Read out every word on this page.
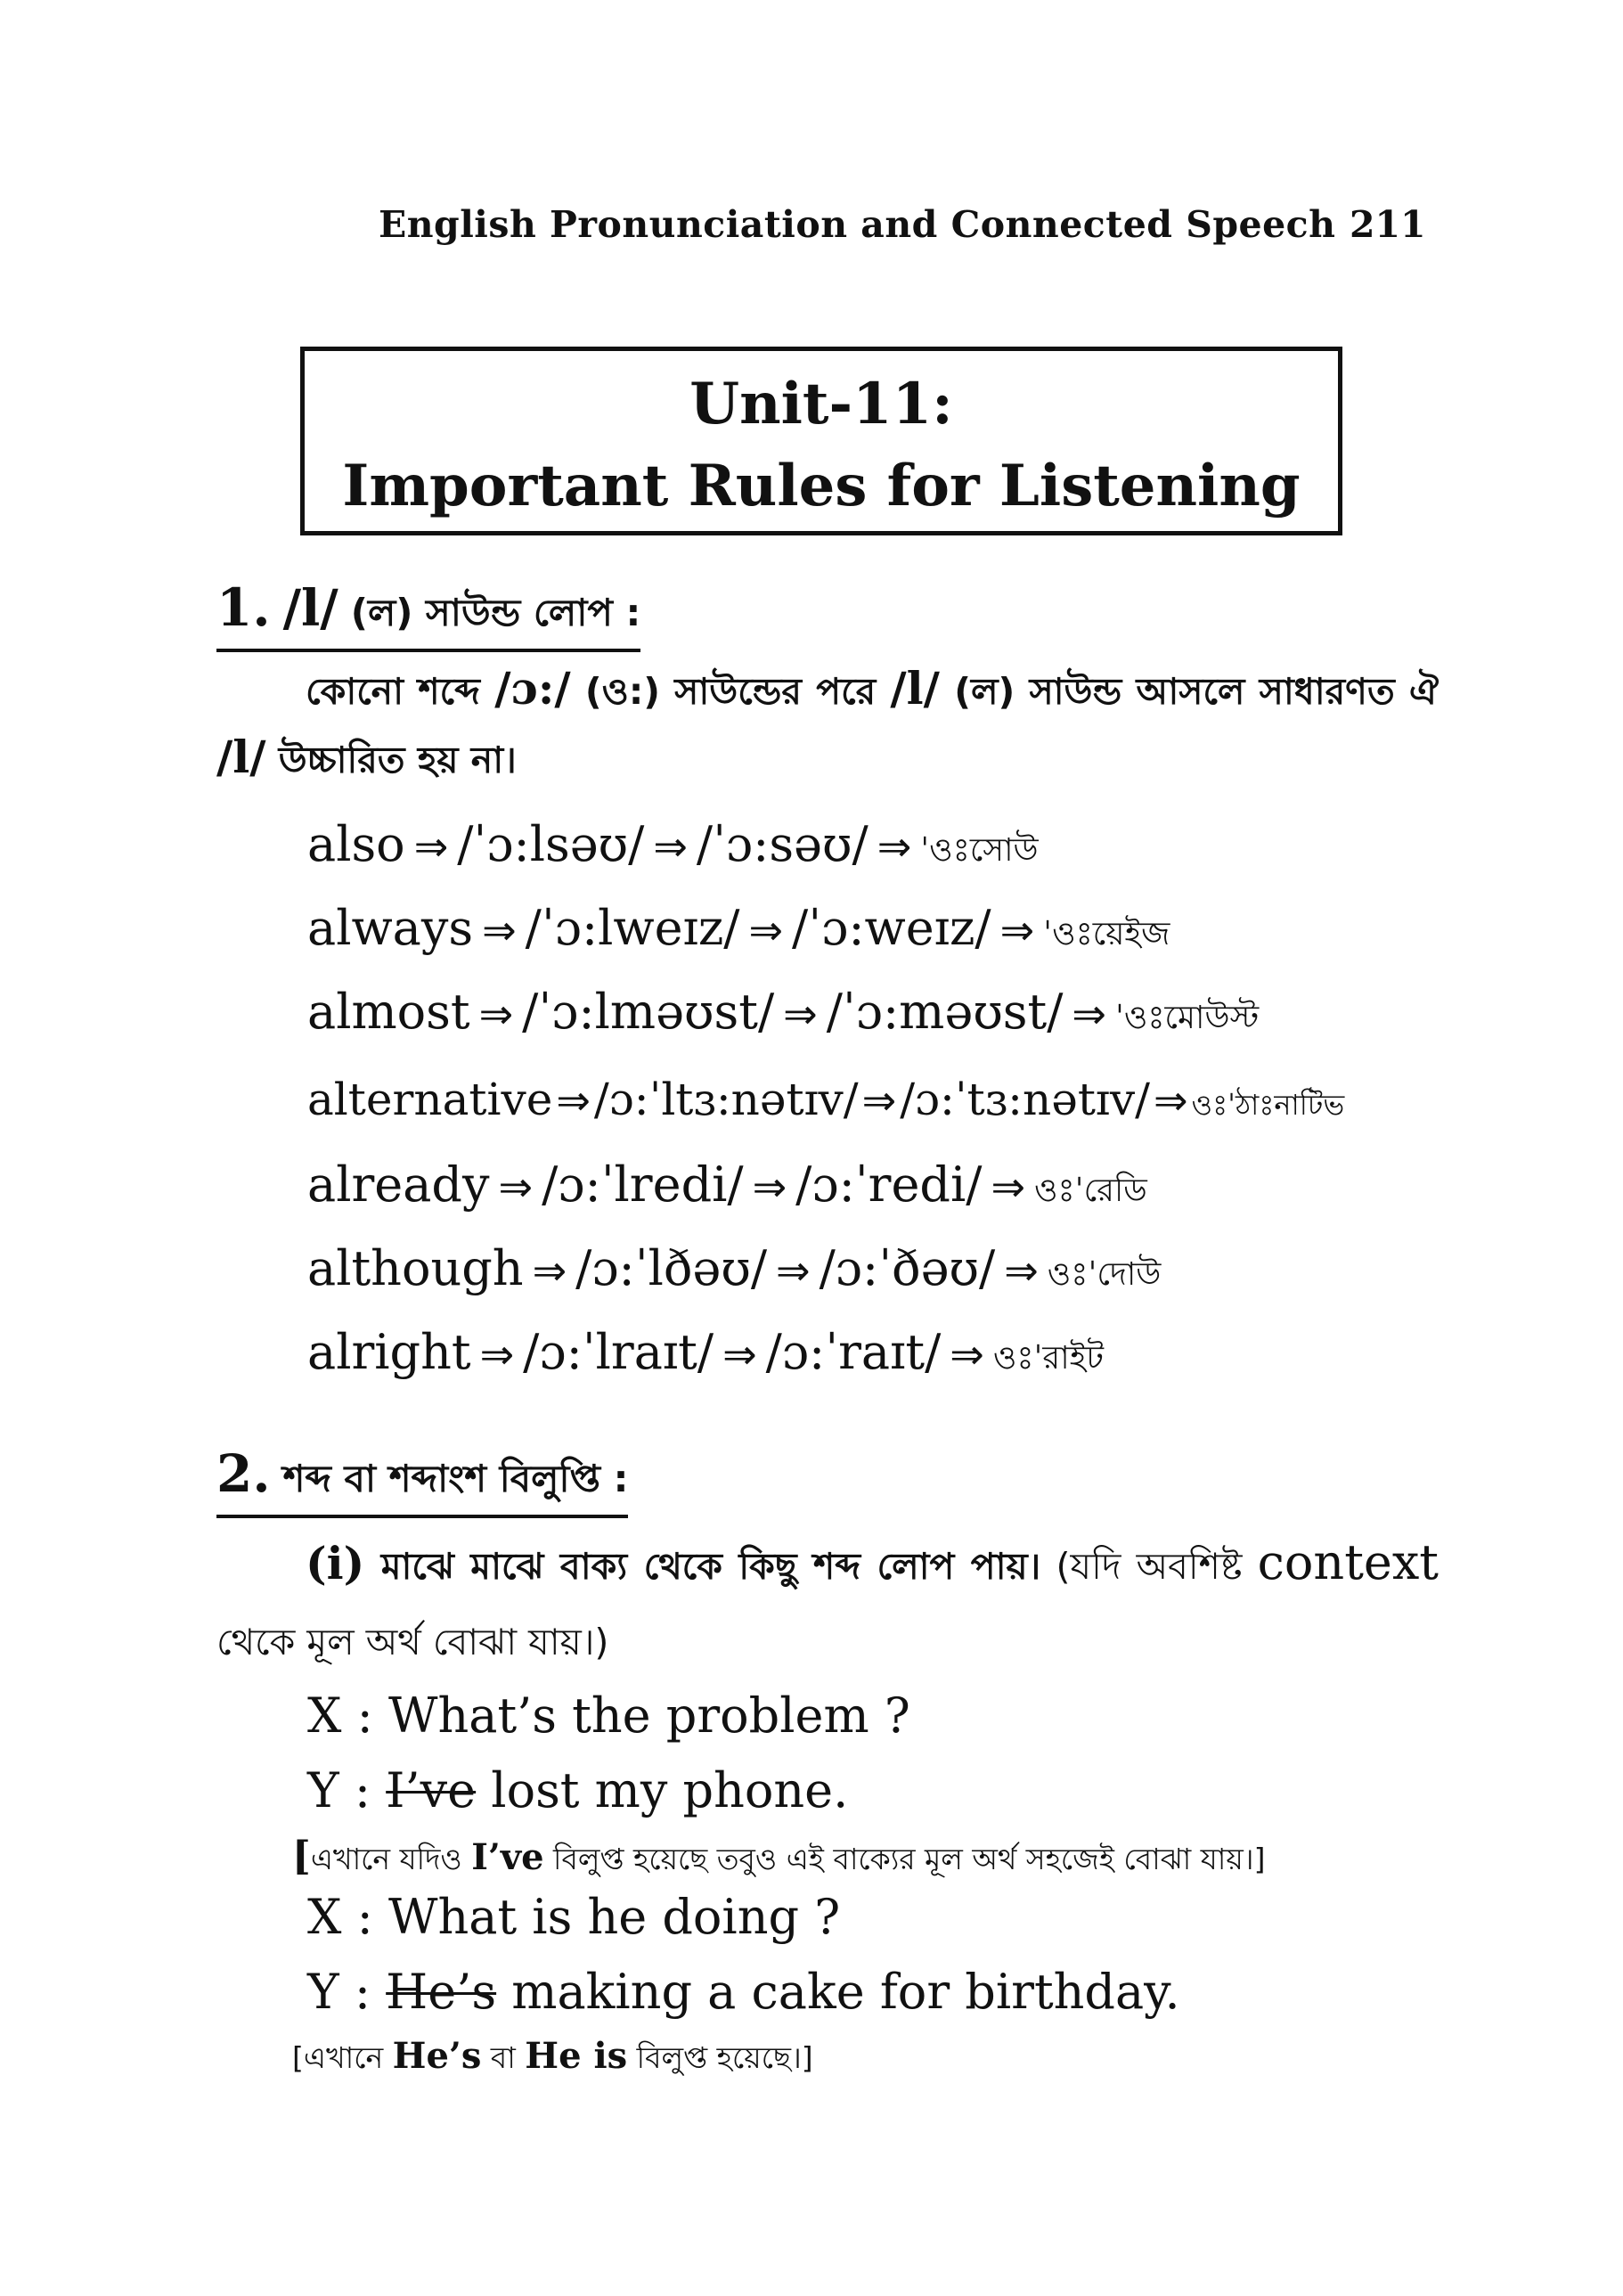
English Pronunciation and Connected Speech 211
Unit-11:
Important Rules for Listening
1. /l/ (ল) সাউন্ড লোপ :
কোনো শব্দে /ɔ:/ (ও:) সাউন্ডের পরে /l/ (ল) সাউন্ড আসলে সাধারণত ঐ /l/ উচ্চারিত হয় না।
also ⇒ /ˈɔ:lsəʊ/ ⇒ /ˈɔ:səʊ/ ⇒ ˈওঃসোউ
always ⇒ /ˈɔ:lweɪz/ ⇒ /ˈɔ:weɪz/ ⇒ ˈওঃয়েইজ
almost ⇒ /ˈɔ:lməʊst/ ⇒ /ˈɔ:məʊst/ ⇒ ˈওঃমোউস্ট
alternative ⇒ /ɔ:ˈltɜ:nətɪv/ ⇒ /ɔ:ˈtɜ:nətɪv/ ⇒ ওঃˈঠাঃনাটিভ
already ⇒ /ɔ:ˈlredi/ ⇒ /ɔ:ˈredi/ ⇒ ওঃˈরেডি
although ⇒ /ɔ:ˈlðəʊ/ ⇒ /ɔ:ˈðəʊ/ ⇒ ওঃˈদোউ
alright ⇒ /ɔ:ˈlraɪt/ ⇒ /ɔ:ˈraɪt/ ⇒ ওঃˈরাইট
2. শব্দ বা শব্দাংশ বিলুপ্তি :
(i) মাঝে মাঝে বাক্য থেকে কিছু শব্দ লোপ পায়। (যদি অবশিষ্ট context থেকে মূল অর্থ বোঝা যায়।)
X : What’s the problem ?
Y : I’ve lost my phone.
[এখানে যদিও I’ve বিলুপ্ত হয়েছে তবুও এই বাক্যের মূল অর্থ সহজেই বোঝা যায়।]
X : What is he doing ?
Y : He’s making a cake for birthday.
[এখানে He’s বা He is বিলুপ্ত হয়েছে।]
